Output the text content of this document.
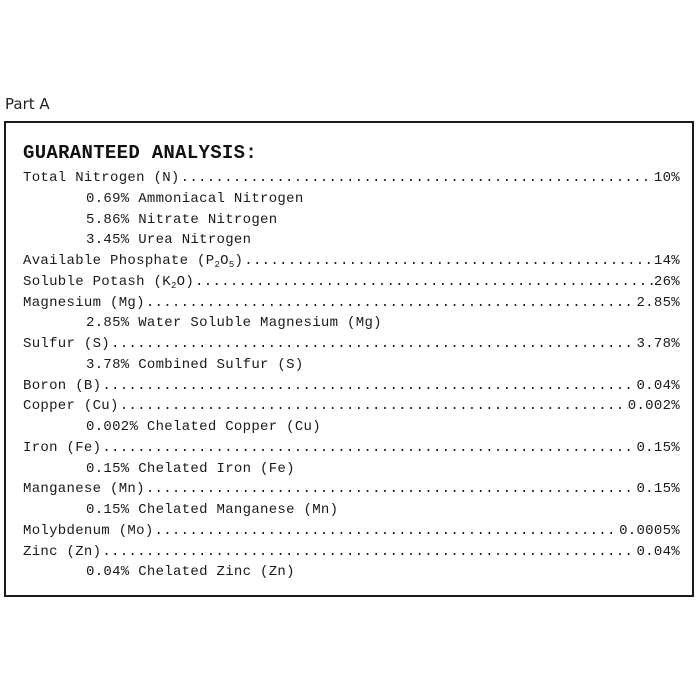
Part A
GUARANTEED ANALYSIS:
Total Nitrogen (N) .....	10%
0.69% Ammoniacal Nitrogen
5.86% Nitrate Nitrogen
3.45% Urea Nitrogen
Available Phosphate $(P_2O_5)$ .....	14%
Soluble Potash $(K_2O)$ .....	26%
Magnesium (Mg) .....	2.85%
2.85% Water Soluble Magnesium (Mg)
Sulfur (S) .....	3.78%
3.78% Combined Sulfur (S)
Boron (B) .....	0.04%
Copper (Cu) .....	0.002%
0.002% Chelated Copper (Cu)
Iron (Fe) .....	0.15%
0.15% Chelated Iron (Fe)
Manganese (Mn) .....	0.15%
0.15% Chelated Manganese (Mn)
Molybdenum (Mo) .....	0.0005%
Zinc (Zn) .....	0.04%
0.04% Chelated Zinc (Zn)
